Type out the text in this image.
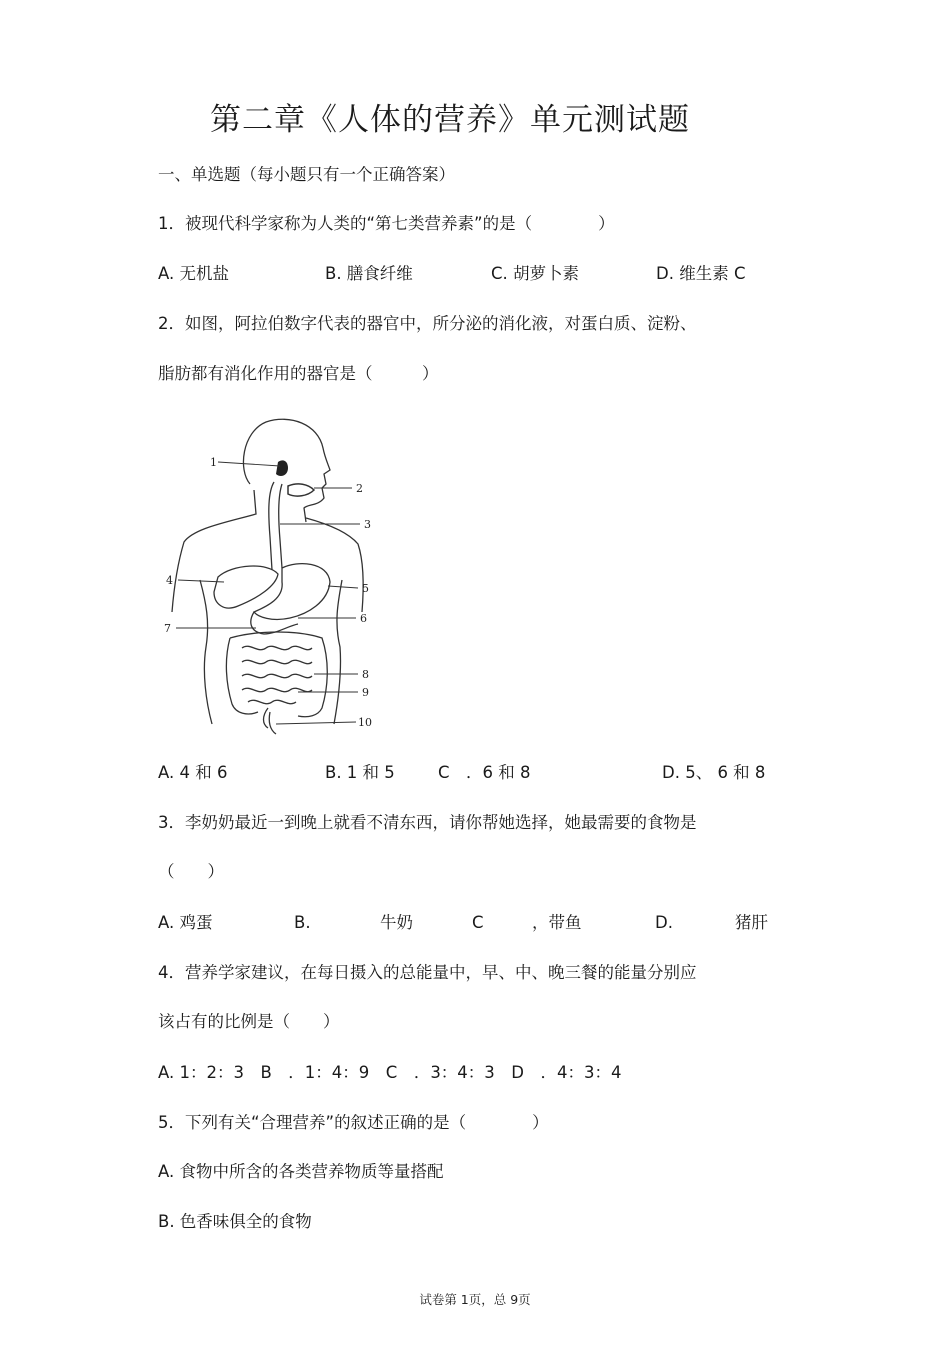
第二章《人体的营养》单元测试题
一、单选题（每小题只有一个正确答案）
1．被现代科学家称为人类的“第七类营养素”的是（　　　　）
A. 无机盐	B. 膳食纤维	C. 胡萝卜素	D. 维生素 C
2．如图，阿拉伯数字代表的器官中，所分泌的消化液，对蛋白质、淀粉、
脂肪都有消化作用的器官是（　　　）
1
2
3
4
5
6
7
8
9
10
A. 4 和 6	B. 1 和 5	C　．6 和 8	D. 5、 6 和 8
3．李奶奶最近一到晚上就看不清东西，请你帮她选择，她最需要的食物是
（　　）
A. 鸡蛋	B.	牛奶	C	，带鱼	D.	猪肝
4．营养学家建议，在每日摄入的总能量中，早、中、晚三餐的能量分别应
该占有的比例是（　　）
A. 1：2：3　B　．1：4：9　C　．3：4：3　D　．4：3：4
5．下列有关“合理营养”的叙述正确的是（　　　　）
A. 食物中所含的各类营养物质等量搭配
B. 色香味俱全的食物
试卷第 1页，总 9页
